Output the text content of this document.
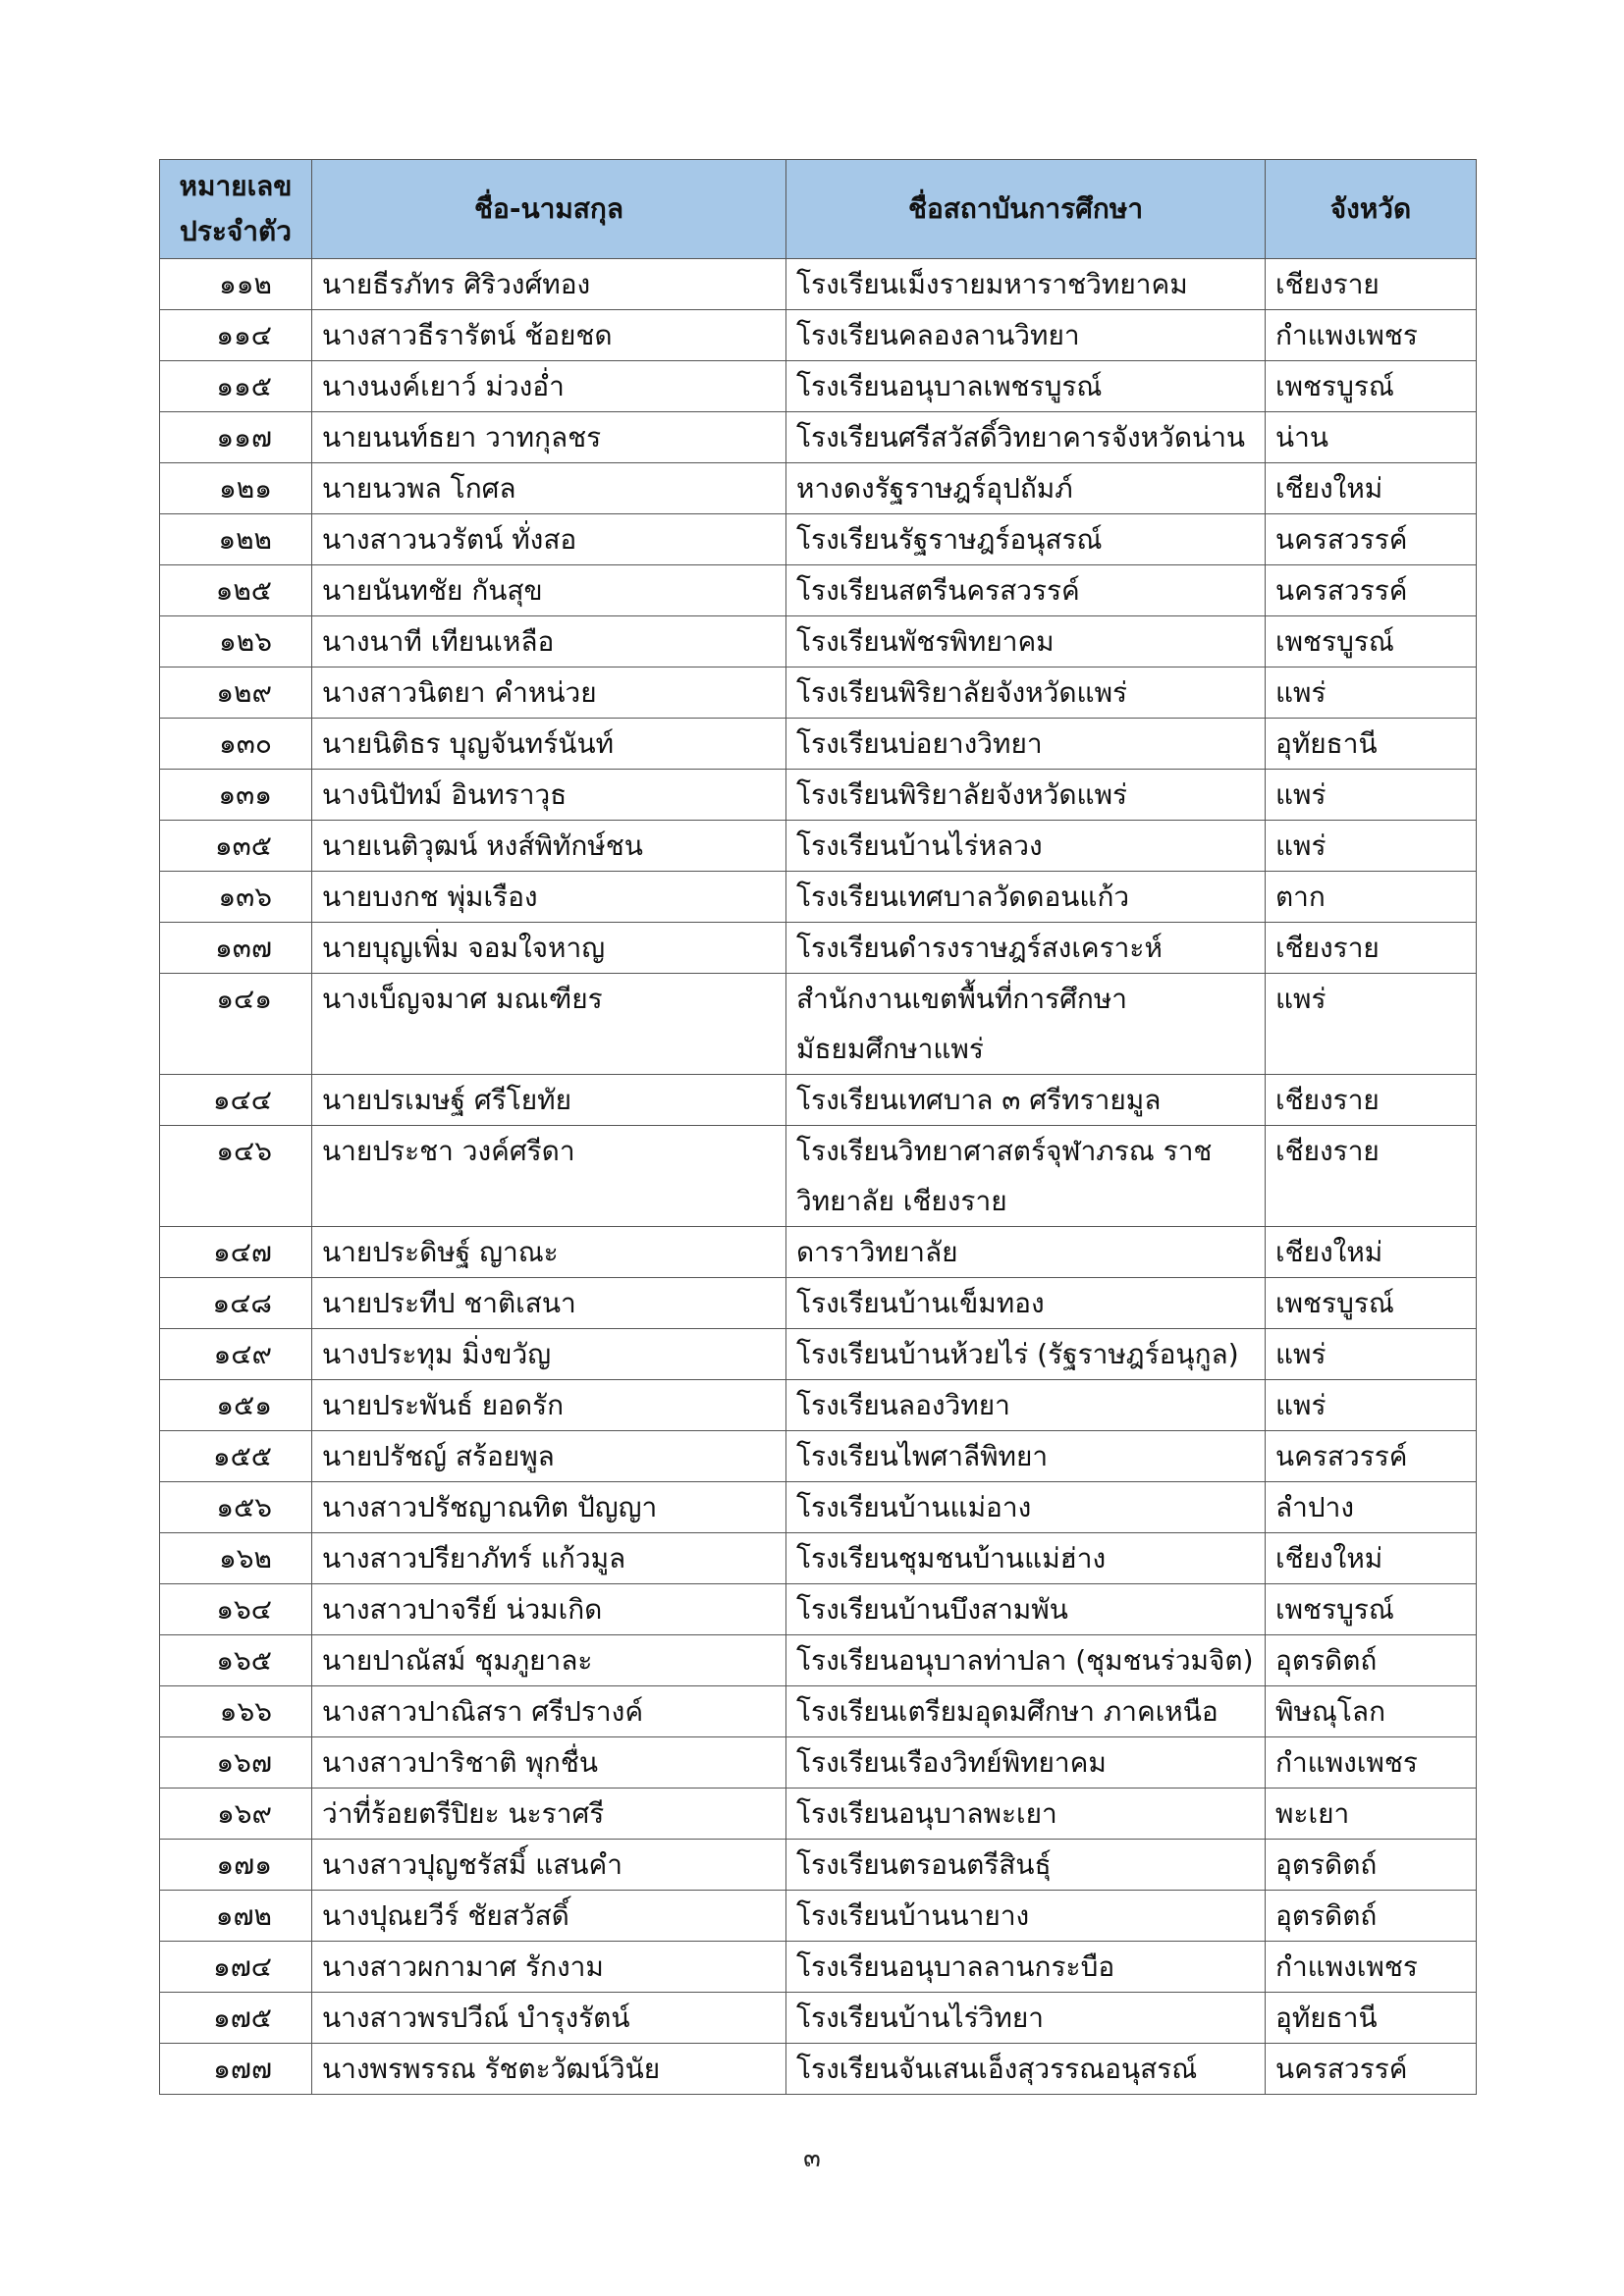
หมายเลข
ประจำตัว	ชื่อ-นามสกุล	ชื่อสถาบันการศึกษา	จังหวัด
๑๑๒	นายธีรภัทร ศิริวงศ์ทอง	โรงเรียนเม็งรายมหาราชวิทยาคม	เชียงราย
๑๑๔	นางสาวธีรารัตน์ ช้อยชด	โรงเรียนคลองลานวิทยา	กำแพงเพชร
๑๑๕	นางนงค์เยาว์ ม่วงอ่ำ	โรงเรียนอนุบาลเพชรบูรณ์	เพชรบูรณ์
๑๑๗	นายนนท์ธยา วาทกุลชร	โรงเรียนศรีสวัสดิ์วิทยาคารจังหวัดน่าน	น่าน
๑๒๑	นายนวพล โกศล	หางดงรัฐราษฎร์อุปถัมภ์	เชียงใหม่
๑๒๒	นางสาวนวรัตน์ ทั่งสอ	โรงเรียนรัฐราษฎร์อนุสรณ์	นครสวรรค์
๑๒๕	นายนันทชัย กันสุข	โรงเรียนสตรีนครสวรรค์	นครสวรรค์
๑๒๖	นางนาที เทียนเหลือ	โรงเรียนพัชรพิทยาคม	เพชรบูรณ์
๑๒๙	นางสาวนิตยา คำหน่วย	โรงเรียนพิริยาลัยจังหวัดแพร่	แพร่
๑๓๐	นายนิติธร บุญจันทร์นันท์	โรงเรียนบ่อยางวิทยา	อุทัยธานี
๑๓๑	นางนิปัทม์ อินทราวุธ	โรงเรียนพิริยาลัยจังหวัดแพร่	แพร่
๑๓๕	นายเนติวุฒน์ หงส์พิทักษ์ชน	โรงเรียนบ้านไร่หลวง	แพร่
๑๓๖	นายบงกช พุ่มเรือง	โรงเรียนเทศบาลวัดดอนแก้ว	ตาก
๑๓๗	นายบุญเพิ่ม จอมใจหาญ	โรงเรียนดำรงราษฎร์สงเคราะห์	เชียงราย
๑๔๑	นางเบ็ญจมาศ มณเฑียร	สำนักงานเขตพื้นที่การศึกษา มัธยมศึกษาแพร่	แพร่
๑๔๔	นายปรเมษฐ์ ศรีโยทัย	โรงเรียนเทศบาล ๓ ศรีทรายมูล	เชียงราย
๑๔๖	นายประชา วงค์ศรีดา	โรงเรียนวิทยาศาสตร์จุฬาภรณ ราชวิทยาลัย เชียงราย	เชียงราย
๑๔๗	นายประดิษฐ์ ญาณะ	ดาราวิทยาลัย	เชียงใหม่
๑๔๘	นายประทีป ชาติเสนา	โรงเรียนบ้านเข็มทอง	เพชรบูรณ์
๑๔๙	นางประทุม มิ่งขวัญ	โรงเรียนบ้านห้วยไร่ (รัฐราษฎร์อนุกูล)	แพร่
๑๕๑	นายประพันธ์ ยอดรัก	โรงเรียนลองวิทยา	แพร่
๑๕๕	นายปรัชญ์ สร้อยพูล	โรงเรียนไพศาลีพิทยา	นครสวรรค์
๑๕๖	นางสาวปรัชญาณทิต ปัญญา	โรงเรียนบ้านแม่อาง	ลำปาง
๑๖๒	นางสาวปรียาภัทร์ แก้วมูล	โรงเรียนชุมชนบ้านแม่ฮ่าง	เชียงใหม่
๑๖๔	นางสาวปาจรีย์ น่วมเกิด	โรงเรียนบ้านบึงสามพัน	เพชรบูรณ์
๑๖๕	นายปาณัสม์ ชุมภูยาละ	โรงเรียนอนุบาลท่าปลา (ชุมชนร่วมจิต)	อุตรดิตถ์
๑๖๖	นางสาวปาณิสรา ศรีปรางค์	โรงเรียนเตรียมอุดมศึกษา ภาคเหนือ	พิษณุโลก
๑๖๗	นางสาวปาริชาติ พุกชื่น	โรงเรียนเรืองวิทย์พิทยาคม	กำแพงเพชร
๑๖๙	ว่าที่ร้อยตรีปิยะ นะราศรี	โรงเรียนอนุบาลพะเยา	พะเยา
๑๗๑	นางสาวปุญชรัสมิ์ แสนคำ	โรงเรียนตรอนตรีสินธุ์	อุตรดิตถ์
๑๗๒	นางปุณยวีร์ ชัยสวัสดิ์	โรงเรียนบ้านนายาง	อุตรดิตถ์
๑๗๔	นางสาวผกามาศ รักงาม	โรงเรียนอนุบาลลานกระบือ	กำแพงเพชร
๑๗๕	นางสาวพรปวีณ์ บำรุงรัตน์	โรงเรียนบ้านไร่วิทยา	อุทัยธานี
๑๗๗	นางพรพรรณ รัชตะวัฒน์วินัย	โรงเรียนจันเสนเอ็งสุวรรณอนุสรณ์	นครสวรรค์
๓
